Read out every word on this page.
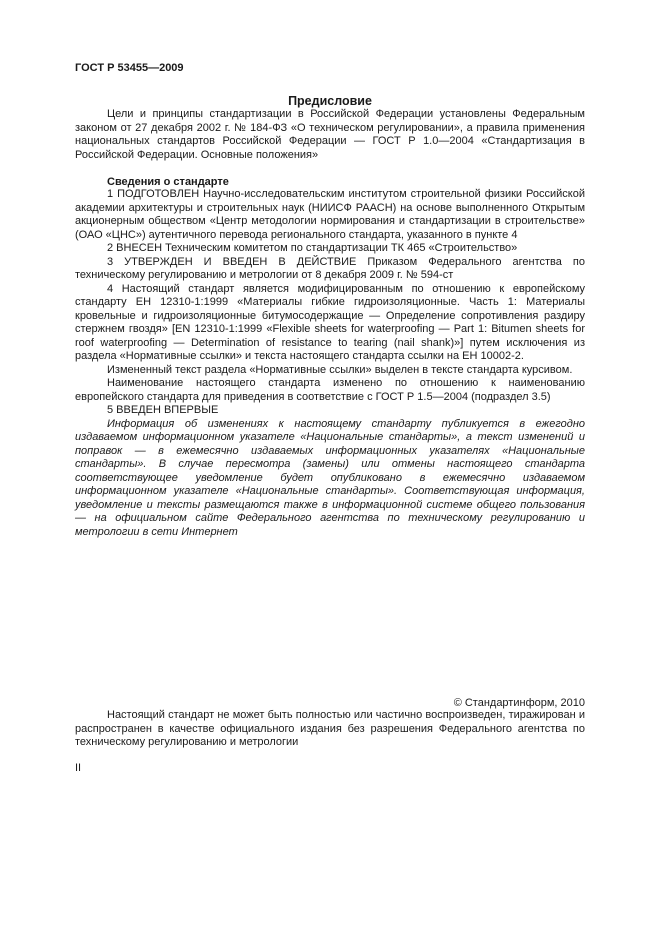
ГОСТ Р 53455—2009
Предисловие

Цели и принципы стандартизации в Российской Федерации установлены Федеральным законом от 27 декабря 2002 г. № 184-ФЗ «О техническом регулировании», а правила применения национальных стандартов Российской Федерации — ГОСТ Р 1.0—2004 «Стандартизация в Российской Федерации. Основные положения»

Сведения о стандарте

1 ПОДГОТОВЛЕН Научно-исследовательским институтом строительной физики Российской академии архитектуры и строительных наук (НИИСФ РААСН) на основе выполненного Открытым акционерным обществом «Центр методологии нормирования и стандартизации в строительстве» (ОАО «ЦНС») аутентичного перевода регионального стандарта, указанного в пункте 4

2 ВНЕСЕН Техническим комитетом по стандартизации ТК 465 «Строительство»

3 УТВЕРЖДЕН И ВВЕДЕН В ДЕЙСТВИЕ Приказом Федерального агентства по техническому регулированию и метрологии от 8 декабря 2009 г. № 594-ст

4 Настоящий стандарт является модифицированным по отношению к европейскому стандарту ЕН 12310-1:1999 «Материалы гибкие гидроизоляционные. Часть 1: Материалы кровельные и гидроизоляционные битумосодержащие — Определение сопротивления раздиру стержнем гвоздя» [EN 12310-1:1999 «Flexible sheets for waterproofing — Part 1: Bitumen sheets for roof waterproofing — Determination of resistance to tearing (nail shank)»] путем исключения из раздела «Нормативные ссылки» и текста настоящего стандарта ссылки на ЕН 10002-2.

Измененный текст раздела «Нормативные ссылки» выделен в тексте стандарта курсивом.

Наименование настоящего стандарта изменено по отношению к наименованию европейского стандарта для приведения в соответствие с ГОСТ Р 1.5—2004 (подраздел 3.5)

5 ВВЕДЕН ВПЕРВЫЕ

Информация об изменениях к настоящему стандарту публикуется в ежегодно издаваемом информационном указателе «Национальные стандарты», а текст изменений и поправок — в ежемесячно издаваемых информационных указателях «Национальные стандарты». В случае пересмотра (замены) или отмены настоящего стандарта соответствующее уведомление будет опубликовано в ежемесячно издаваемом информационном указателе «Национальные стандарты». Соответствующая информация, уведомление и тексты размещаются также в информационной системе общего пользования — на официальном сайте Федерального агентства по техническому регулированию и метрологии в сети Интернет

© Стандартинформ, 2010

Настоящий стандарт не может быть полностью или частично воспроизведен, тиражирован и распространен в качестве официального издания без разрешения Федерального агентства по техническому регулированию и метрологии

II
